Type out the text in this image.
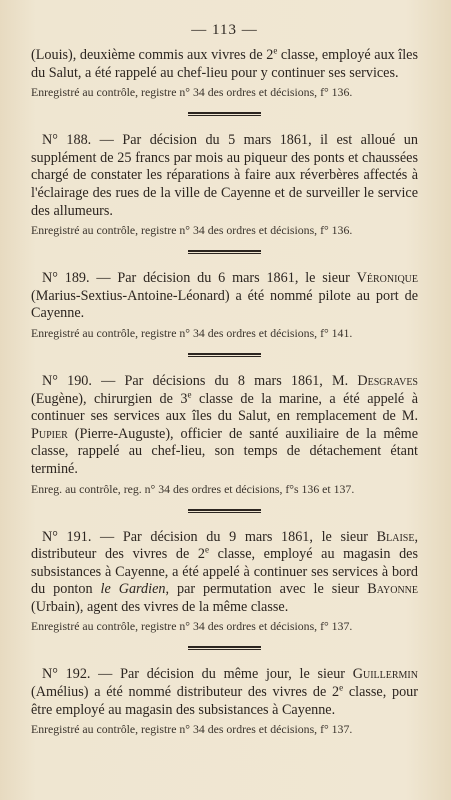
— 113 —

(Louis), deuxième commis aux vivres de 2e classe, employé aux îles du Salut, a été rappelé au chef-lieu pour y continuer ses services.

Enregistré au contrôle, registre n° 34 des ordres et décisions, f° 136.

N° 188. — Par décision du 5 mars 1861, il est alloué un supplément de 25 francs par mois au piqueur des ponts et chaussées chargé de constater les réparations à faire aux réverbères affectés à l'éclairage des rues de la ville de Cayenne et de surveiller le service des allumeurs.

Enregistré au contrôle, registre n° 34 des ordres et décisions, f° 136.

N° 189. — Par décision du 6 mars 1861, le sieur Véronique (Marius-Sextius-Antoine-Léonard) a été nommé pilote au port de Cayenne.

Enregistré au contrôle, registre n° 34 des ordres et décisions, f° 141.

N° 190. — Par décisions du 8 mars 1861, M. Desgraves (Eugène), chirurgien de 3e classe de la marine, a été appelé à continuer ses services aux îles du Salut, en remplacement de M. Pupier (Pierre-Auguste), officier de santé auxiliaire de la même classe, rappelé au chef-lieu, son temps de détachement étant terminé.

Enreg. au contrôle, reg. n° 34 des ordres et décisions, f°s 136 et 137.

N° 191. — Par décision du 9 mars 1861, le sieur Blaise, distributeur des vivres de 2e classe, employé au magasin des subsistances à Cayenne, a été appelé à continuer ses services à bord du ponton le Gardien, par permutation avec le sieur Bayonne (Urbain), agent des vivres de la même classe.

Enregistré au contrôle, registre n° 34 des ordres et décisions, f° 137.

N° 192. — Par décision du même jour, le sieur Guillermin (Amélius) a été nommé distributeur des vivres de 2e classe, pour être employé au magasin des subsistances à Cayenne.

Enregistré au contrôle, registre n° 34 des ordres et décisions, f° 137.
